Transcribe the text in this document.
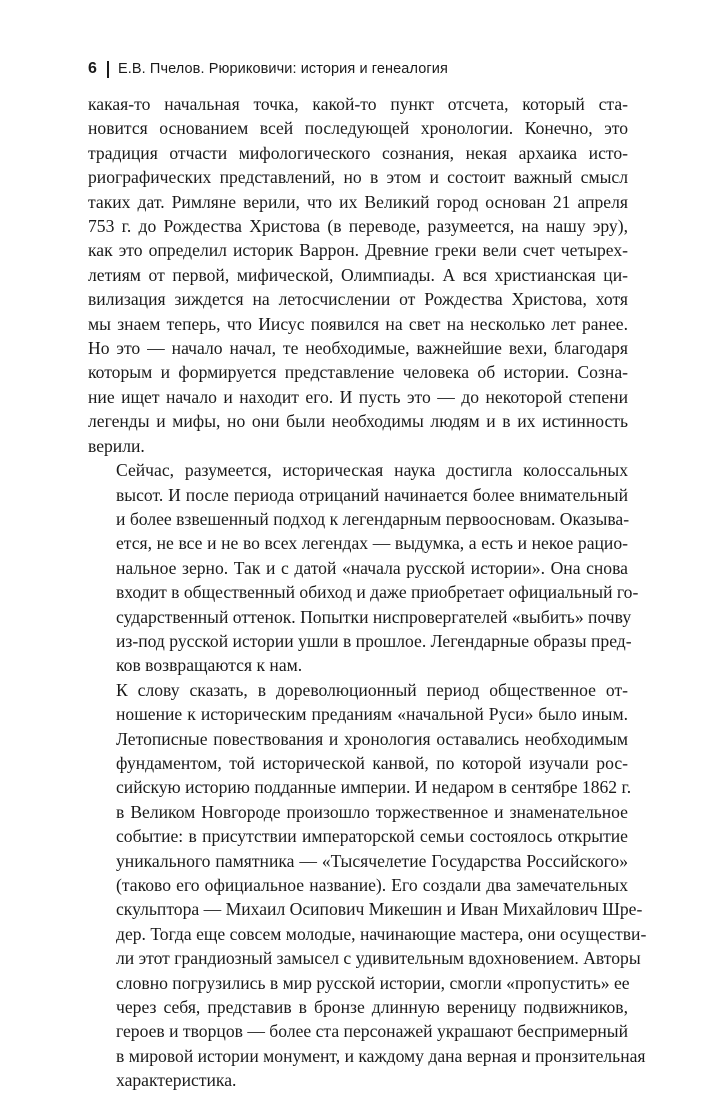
6 Е.В. Пчелов. Рюриковичи: история и генеалогия

какая-то начальная точка, какой-то пункт отсчета, который ста-
новится основанием всей последующей хронологии. Конечно, это
традиция отчасти мифологического сознания, некая архаика исто-
риографических представлений, но в этом и состоит важный смысл
таких дат. Римляне верили, что их Великий город основан 21 апреля
753 г. до Рождества Христова (в переводе, разумеется, на нашу эру),
как это определил историк Варрон. Древние греки вели счет четырех-
летиям от первой, мифической, Олимпиады. А вся христианская ци-
вилизация зиждется на летосчислении от Рождества Христова, хотя
мы знаем теперь, что Иисус появился на свет на несколько лет ранее.
Но это — начало начал, те необходимые, важнейшие вехи, благодаря
которым и формируется представление человека об истории. Созна-
ние ищет начало и находит его. И пусть это — до некоторой степени
легенды и мифы, но они были необходимы людям и в их истинность
верили.

Сейчас, разумеется, историческая наука достигла колоссальных
высот. И после периода отрицаний начинается более внимательный
и более взвешенный подход к легендарным первоосновам. Оказыва-
ется, не все и не во всех легендах — выдумка, а есть и некое рацио-
нальное зерно. Так и с датой «начала русской истории». Она снова
входит в общественный обиход и даже приобретает официальный го-
сударственный оттенок. Попытки ниспровергателей «выбить» почву
из-под русской истории ушли в прошлое. Легендарные образы пред-
ков возвращаются к нам.

К слову сказать, в дореволюционный период общественное от-
ношение к историческим преданиям «начальной Руси» было иным.
Летописные повествования и хронология оставались необходимым
фундаментом, той исторической канвой, по которой изучали рос-
сийскую историю подданные империи. И недаром в сентябре 1862 г.
в Великом Новгороде произошло торжественное и знаменательное
событие: в присутствии императорской семьи состоялось открытие
уникального памятника — «Тысячелетие Государства Российского»
(таково его официальное название). Его создали два замечательных
скульптора — Михаил Осипович Микешин и Иван Михайлович Шре-
дер. Тогда еще совсем молодые, начинающие мастера, они осуществи-
ли этот грандиозный замысел с удивительным вдохновением. Авторы
словно погрузились в мир русской истории, смогли «пропустить» ее
через себя, представив в бронзе длинную вереницу подвижников,
героев и творцов — более ста персонажей украшают беспримерный
в мировой истории монумент, и каждому дана верная и пронзительная
характеристика.
